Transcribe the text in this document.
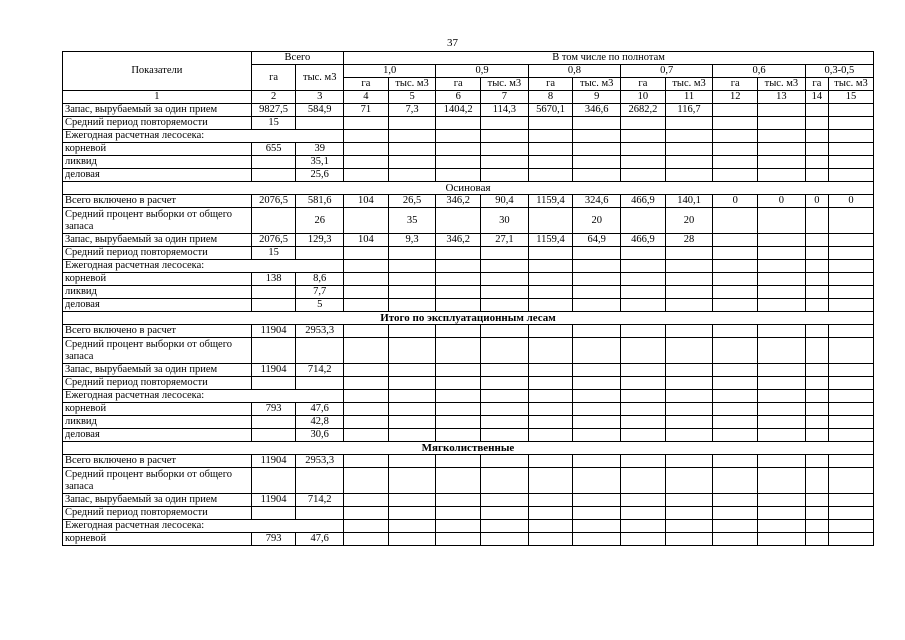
37
Показатели	Всего		В том числе по полнотам											
	га	тыс. м3	1,0		0,9		0,8		0,7		0,6		0,3-0,5	
			га	тыс. м3	га	тыс. м3	га	тыс. м3	га	тыс. м3	га	тыс. м3	га	тыс. м3
1	2	3	4	5	6	7	8	9	10	11	12	13	14	15
Запас, вырубаемый за один прием	9827,5	584,9	71	7,3	1404,2	114,3	5670,1	346,6	2682,2	116,7				
Средний период повторяемости	15													
Ежегодная расчетная лесосека:														
корневой	655	39												
ликвид		35,1												
деловая		25,6												
Осиновая														
Всего включено в расчет	2076,5	581,6	104	26,5	346,2	90,4	1159,4	324,6	466,9	140,1	0	0	0	0
Средний процент выборки от общего запаса		26		35		30		20		20				
Запас, вырубаемый за один прием	2076,5	129,3	104	9,3	346,2	27,1	1159,4	64,9	466,9	28				
Средний период повторяемости	15													
Ежегодная расчетная лесосека:														
корневой	138	8,6												
ликвид		7,7												
деловая		5												
Итого по эксплуатационным лесам														
Всего включено в расчет	11904	2953,3												
Средний процент выборки от общего запаса														
Запас, вырубаемый за один прием	11904	714,2												
Средний период повторяемости														
Ежегодная расчетная лесосека:														
корневой	793	47,6												
ликвид		42,8												
деловая		30,6												
Мягколиственные														
Всего включено в расчет	11904	2953,3												
Средний процент выборки от общего запаса														
Запас, вырубаемый за один прием	11904	714,2												
Средний период повторяемости														
Ежегодная расчетная лесосека:														
корневой	793	47,6												
